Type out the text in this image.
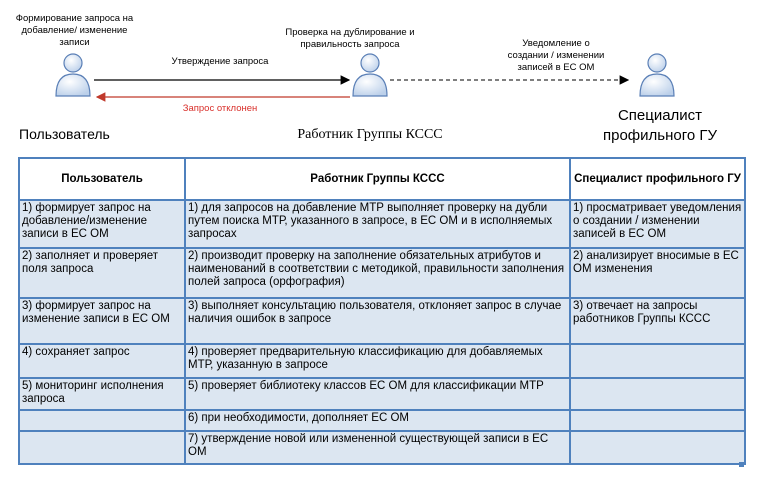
Формирование запроса на добавление/ изменение записи
Проверка на дублирование и правильность запроса	Уведомление о создании / изменении записей в ЕС ОМ
Утверждение запроса
Запрос отклонен
Пользователь	Работник Группы КССС
Специалист профильного ГУ
Пользователь	Работник Группы КССС	Специалист профильного ГУ
1) формирует запрос на добавление/изменение записи в ЕС ОМ	1) для запросов на добавление МТР выполняет проверку на дубли путем поиска МТР, указанного в запросе, в ЕС ОМ и в исполняемых запросах	1) просматривает уведомления о создании / изменении записей в ЕС ОМ
2) заполняет и проверяет поля запроса	2) производит проверку на заполнение обязательных атрибутов и наименований в соответствии с методикой, правильности заполнения полей запроса (орфография)	2) анализирует вносимые в ЕС ОМ изменения
3) формирует запрос на изменение записи в ЕС ОМ	3) выполняет консультацию пользователя, отклоняет запрос в случае наличия ошибок в запросе	3) отвечает на запросы работников Группы КССС
4) сохраняет запрос	4) проверяет предварительную классификацию для добавляемых МТР, указанную в запросе	
5) мониторинг исполнения запроса	5) проверяет библиотеку классов ЕС ОМ для классификации МТР	
	6) при необходимости, дополняет ЕС ОМ	
	7) утверждение новой или измененной существующей записи в ЕС ОМ	
